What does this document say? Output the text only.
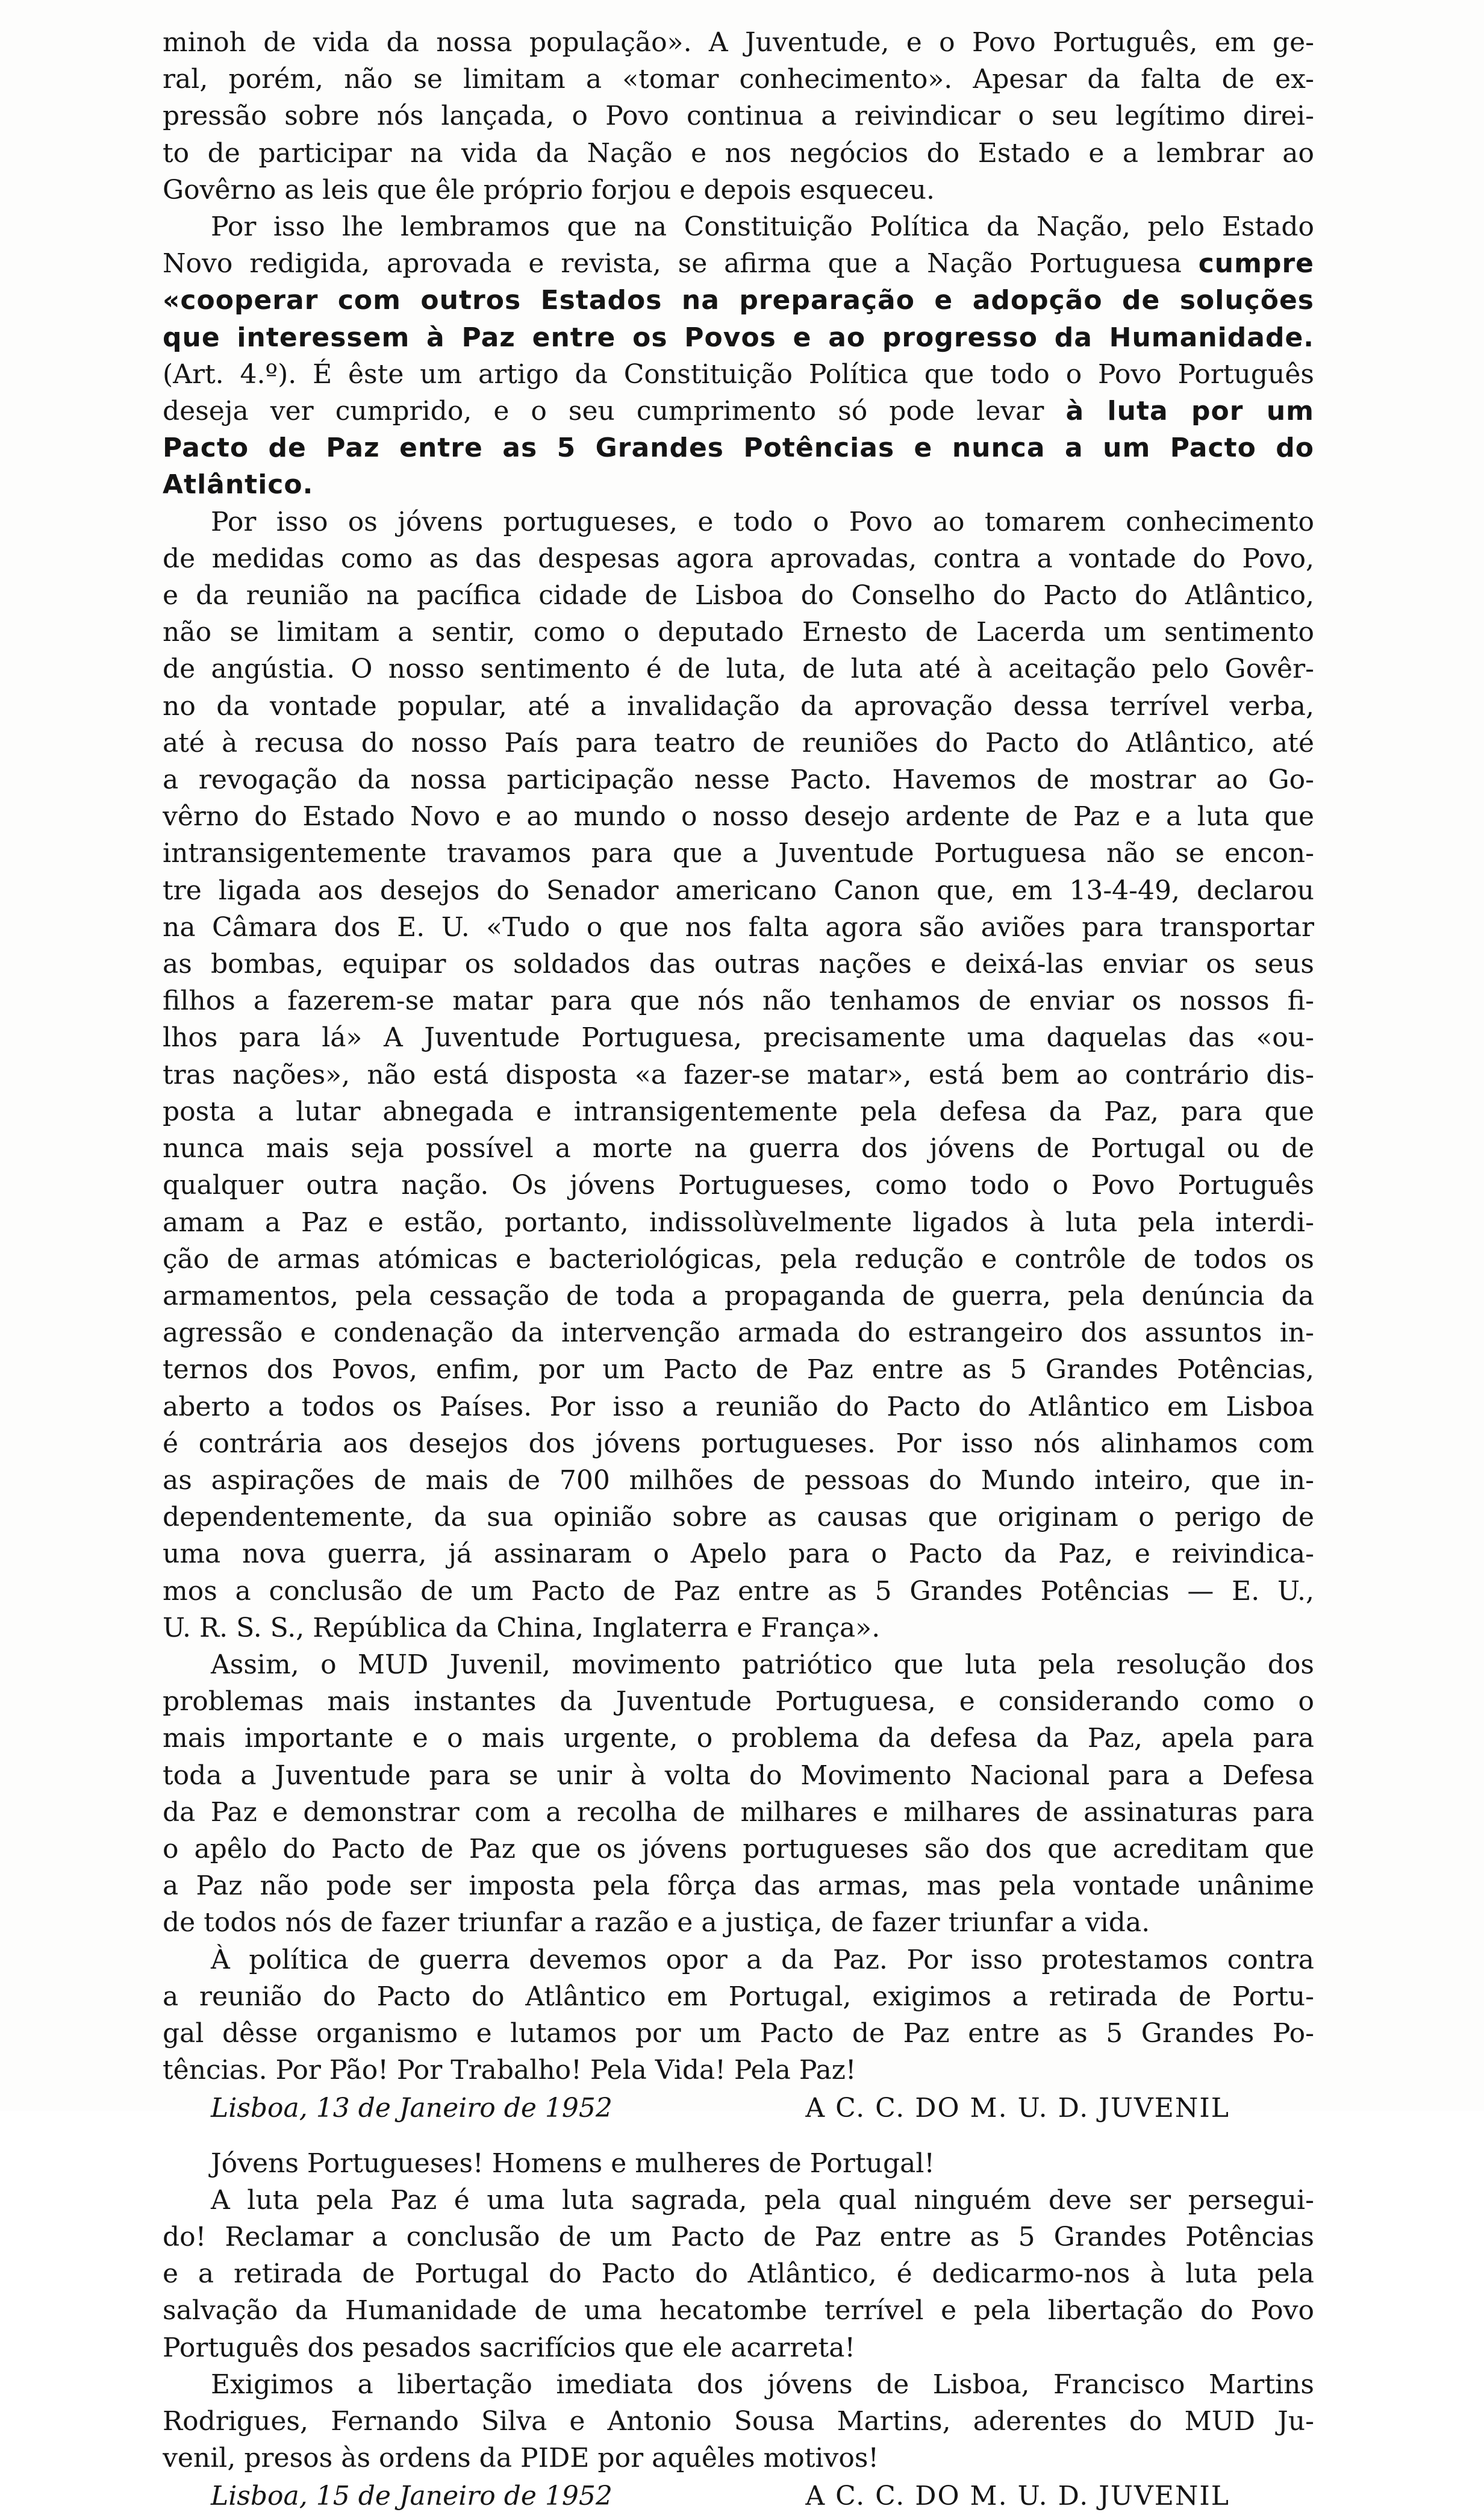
minoh de vida da nossa população». A Juventude, e o Povo Português, em ge-
ral, porém, não se limitam a «tomar conhecimento». Apesar da falta de ex-
pressão sobre nós lançada, o Povo continua a reivindicar o seu legítimo direi-
to de participar na vida da Nação e nos negócios do Estado e a lembrar ao
Govêrno as leis que êle próprio forjou e depois esqueceu.
Por isso lhe lembramos que na Constituição Política da Nação, pelo Estado
Novo redigida, aprovada e revista, se afirma que a Nação Portuguesa cumpre
«cooperar com outros Estados na preparação e adopção de soluções
que interessem à Paz entre os Povos e ao progresso da Humanidade.
(Art. 4.º). É êste um artigo da Constituição Política que todo o Povo Português
deseja ver cumprido, e o seu cumprimento só pode levar à luta por um
Pacto de Paz entre as 5 Grandes Potências e nunca a um Pacto do
Atlântico.
Por isso os jóvens portugueses, e todo o Povo ao tomarem conhecimento
de medidas como as das despesas agora aprovadas, contra a vontade do Povo,
e da reunião na pacífica cidade de Lisboa do Conselho do Pacto do Atlântico,
não se limitam a sentir, como o deputado Ernesto de Lacerda um sentimento
de angústia. O nosso sentimento é de luta, de luta até à aceitação pelo Govêr-
no da vontade popular, até a invalidação da aprovação dessa terrível verba,
até à recusa do nosso País para teatro de reuniões do Pacto do Atlântico, até
a revogação da nossa participação nesse Pacto. Havemos de mostrar ao Go-
vêrno do Estado Novo e ao mundo o nosso desejo ardente de Paz e a luta que
intransigentemente travamos para que a Juventude Portuguesa não se encon-
tre ligada aos desejos do Senador americano Canon que, em 13-4-49, declarou
na Câmara dos E. U. «Tudo o que nos falta agora são aviões para transportar
as bombas, equipar os soldados das outras nações e deixá-las enviar os seus
filhos a fazerem-se matar para que nós não tenhamos de enviar os nossos fi-
lhos para lá» A Juventude Portuguesa, precisamente uma daquelas das «ou-
tras nações», não está disposta «a fazer-se matar», está bem ao contrário dis-
posta a lutar abnegada e intransigentemente pela defesa da Paz, para que
nunca mais seja possível a morte na guerra dos jóvens de Portugal ou de
qualquer outra nação. Os jóvens Portugueses, como todo o Povo Português
amam a Paz e estão, portanto, indissolùvelmente ligados à luta pela interdi-
ção de armas atómicas e bacteriológicas, pela redução e contrôle de todos os
armamentos, pela cessação de toda a propaganda de guerra, pela denúncia da
agressão e condenação da intervenção armada do estrangeiro dos assuntos in-
ternos dos Povos, enfim, por um Pacto de Paz entre as 5 Grandes Potências,
aberto a todos os Países. Por isso a reunião do Pacto do Atlântico em Lisboa
é contrária aos desejos dos jóvens portugueses. Por isso nós alinhamos com
as aspirações de mais de 700 milhões de pessoas do Mundo inteiro, que in-
dependentemente, da sua opinião sobre as causas que originam o perigo de
uma nova guerra, já assinaram o Apelo para o Pacto da Paz, e reivindica-
mos a conclusão de um Pacto de Paz entre as 5 Grandes Potências — E. U.,
U. R. S. S., República da China, Inglaterra e França».
Assim, o MUD Juvenil, movimento patriótico que luta pela resolução dos
problemas mais instantes da Juventude Portuguesa, e considerando como o
mais importante e o mais urgente, o problema da defesa da Paz, apela para
toda a Juventude para se unir à volta do Movimento Nacional para a Defesa
da Paz e demonstrar com a recolha de milhares e milhares de assinaturas para
o apêlo do Pacto de Paz que os jóvens portugueses são dos que acreditam que
a Paz não pode ser imposta pela fôrça das armas, mas pela vontade unânime
de todos nós de fazer triunfar a razão e a justiça, de fazer triunfar a vida.
À política de guerra devemos opor a da Paz. Por isso protestamos contra
a reunião do Pacto do Atlântico em Portugal, exigimos a retirada de Portu-
gal dêsse organismo e lutamos por um Pacto de Paz entre as 5 Grandes Po-
tências. Por Pão! Por Trabalho! Pela Vida! Pela Paz!
Lisboa, 13 de Janeiro de 1952	A C. C. DO M. U. D. JUVENIL
Jóvens Portugueses! Homens e mulheres de Portugal!
A luta pela Paz é uma luta sagrada, pela qual ninguém deve ser persegui-
do! Reclamar a conclusão de um Pacto de Paz entre as 5 Grandes Potências
e a retirada de Portugal do Pacto do Atlântico, é dedicarmo-nos à luta pela
salvação da Humanidade de uma hecatombe terrível e pela libertação do Povo
Português dos pesados sacrifícios que ele acarreta!
Exigimos a libertação imediata dos jóvens de Lisboa, Francisco Martins
Rodrigues, Fernando Silva e Antonio Sousa Martins, aderentes do MUD Ju-
venil, presos às ordens da PIDE por aquêles motivos!
Lisboa, 15 de Janeiro de 1952	A C. C. DO M. U. D. JUVENIL
